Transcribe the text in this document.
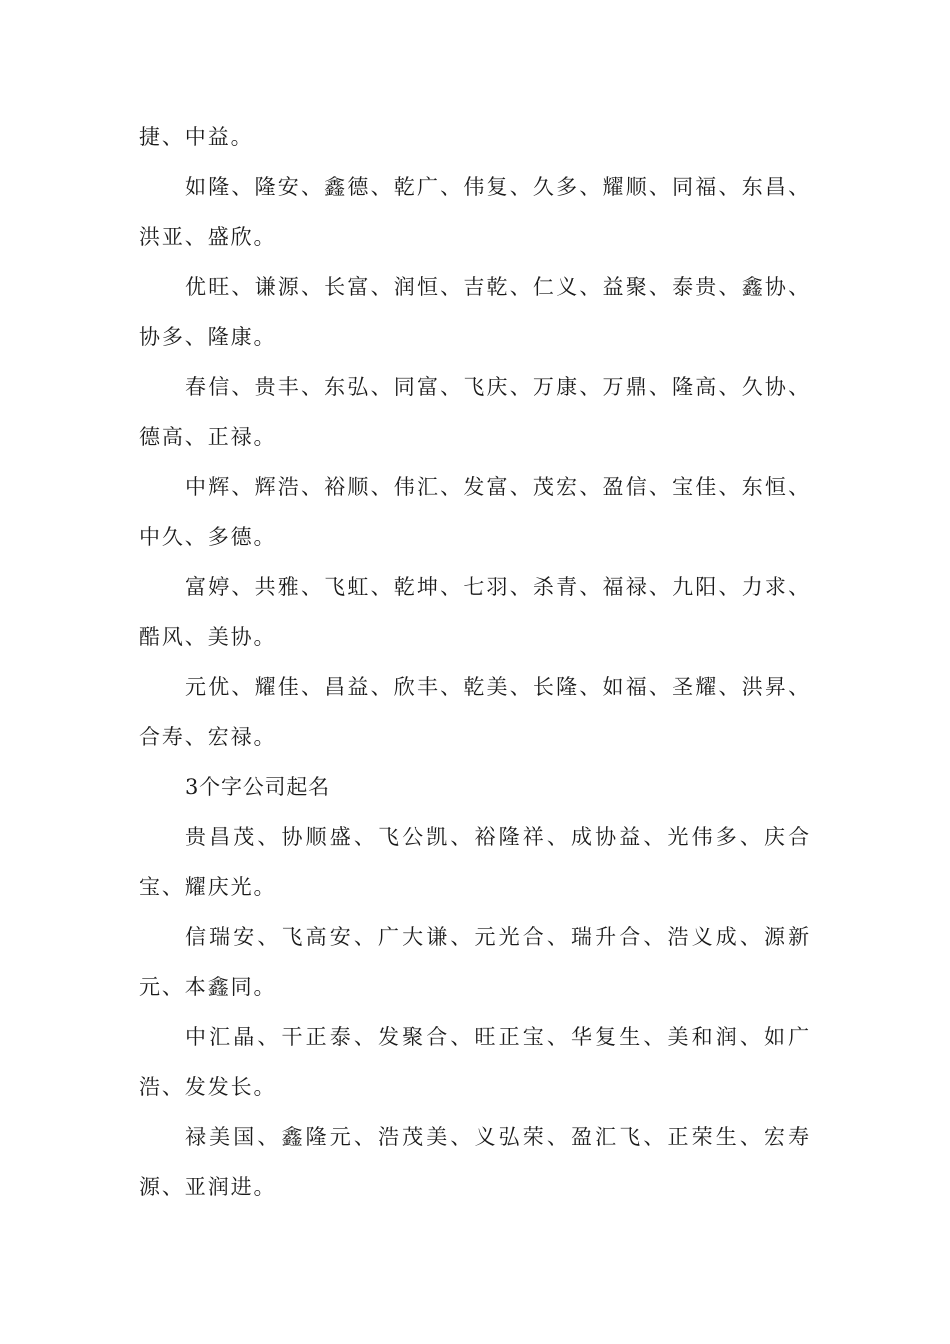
捷、中益。

如隆、隆安、鑫德、乾广、伟复、久多、耀顺、同福、东昌、洪亚、盛欣。

优旺、谦源、长富、润恒、吉乾、仁义、益聚、泰贵、鑫协、协多、隆康。

春信、贵丰、东弘、同富、飞庆、万康、万鼎、隆高、久协、德高、正禄。

中辉、辉浩、裕顺、伟汇、发富、茂宏、盈信、宝佳、东恒、中久、多德。

富婷、共雅、飞虹、乾坤、七羽、杀青、福禄、九阳、力求、酷风、美协。

元优、耀佳、昌益、欣丰、乾美、长隆、如福、圣耀、洪昇、合寿、宏禄。

3个字公司起名

贵昌茂、协顺盛、飞公凯、裕隆祥、成协益、光伟多、庆合宝、耀庆光。

信瑞安、飞高安、广大谦、元光合、瑞升合、浩义成、源新元、本鑫同。

中汇晶、干正泰、发聚合、旺正宝、华复生、美和润、如广浩、发发长。

禄美国、鑫隆元、浩茂美、义弘荣、盈汇飞、正荣生、宏寿源、亚润进。
